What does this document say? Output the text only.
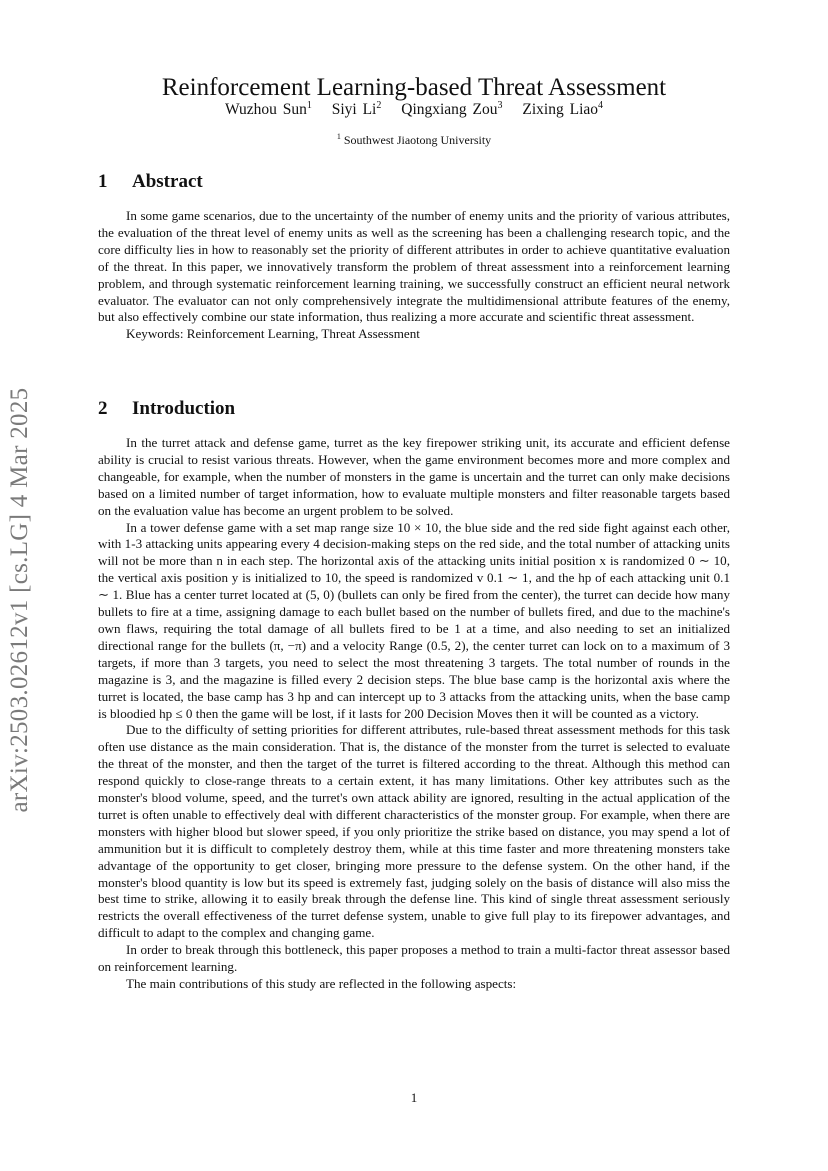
arXiv:2503.02612v1 [cs.LG] 4 Mar 2025
Reinforcement Learning-based Threat Assessment
Wuzhou Sun$^1$ Siyi Li$^2$ Qingxiang Zou$^3$ Zixing Liao$^4$
$^1$ Southwest Jiaotong University
1 Abstract

In some game scenarios, due to the uncertainty of the number of enemy units and the priority of various attributes, the evaluation of the threat level of enemy units as well as the screening has been a challenging research topic, and the core difficulty lies in how to reasonably set the priority of different attributes in order to achieve quantitative evaluation of the threat. In this paper, we innovatively transform the problem of threat assessment into a reinforcement learning problem, and through systematic reinforcement learning training, we successfully construct an efficient neural network evaluator. The evaluator can not only comprehensively integrate the multidimensional attribute features of the enemy, but also effectively combine our state information, thus realizing a more accurate and scientific threat assessment.

Keywords: Reinforcement Learning, Threat Assessment

2 Introduction

In the turret attack and defense game, turret as the key firepower striking unit, its accurate and efficient defense ability is crucial to resist various threats. However, when the game environment becomes more and more complex and changeable, for example, when the number of monsters in the game is uncertain and the turret can only make decisions based on a limited number of target information, how to evaluate multiple monsters and filter reasonable targets based on the evaluation value has become an urgent problem to be solved.

In a tower defense game with a set map range size 10 × 10, the blue side and the red side fight against each other, with 1-3 attacking units appearing every 4 decision-making steps on the red side, and the total number of attacking units will not be more than n in each step. The horizontal axis of the attacking units initial position x is randomized 0 ∼ 10, the vertical axis position y is initialized to 10, the speed is randomized v 0.1 ∼ 1, and the hp of each attacking unit 0.1 ∼ 1. Blue has a center turret located at (5, 0) (bullets can only be fired from the center), the turret can decide how many bullets to fire at a time, assigning damage to each bullet based on the number of bullets fired, and due to the machine's own flaws, requiring the total damage of all bullets fired to be 1 at a time, and also needing to set an initialized directional range for the bullets (π, −π) and a velocity Range (0.5, 2), the center turret can lock on to a maximum of 3 targets, if more than 3 targets, you need to select the most threatening 3 targets. The total number of rounds in the magazine is 3, and the magazine is filled every 2 decision steps. The blue base camp is the horizontal axis where the turret is located, the base camp has 3 hp and can intercept up to 3 attacks from the attacking units, when the base camp is bloodied hp ≤ 0 then the game will be lost, if it lasts for 200 Decision Moves then it will be counted as a victory.

Due to the difficulty of setting priorities for different attributes, rule-based threat assessment methods for this task often use distance as the main consideration. That is, the distance of the monster from the turret is selected to evaluate the threat of the monster, and then the target of the turret is filtered according to the threat. Although this method can respond quickly to close-range threats to a certain extent, it has many limitations. Other key attributes such as the monster's blood volume, speed, and the turret's own attack ability are ignored, resulting in the actual application of the turret is often unable to effectively deal with different characteristics of the monster group. For example, when there are monsters with higher blood but slower speed, if you only prioritize the strike based on distance, you may spend a lot of ammunition but it is difficult to completely destroy them, while at this time faster and more threatening monsters take advantage of the opportunity to get closer, bringing more pressure to the defense system. On the other hand, if the monster's blood quantity is low but its speed is extremely fast, judging solely on the basis of distance will also miss the best time to strike, allowing it to easily break through the defense line. This kind of single threat assessment seriously restricts the overall effectiveness of the turret defense system, unable to give full play to its firepower advantages, and difficult to adapt to the complex and changing game.

In order to break through this bottleneck, this paper proposes a method to train a multi-factor threat assessor based on reinforcement learning.

The main contributions of this study are reflected in the following aspects:

1
